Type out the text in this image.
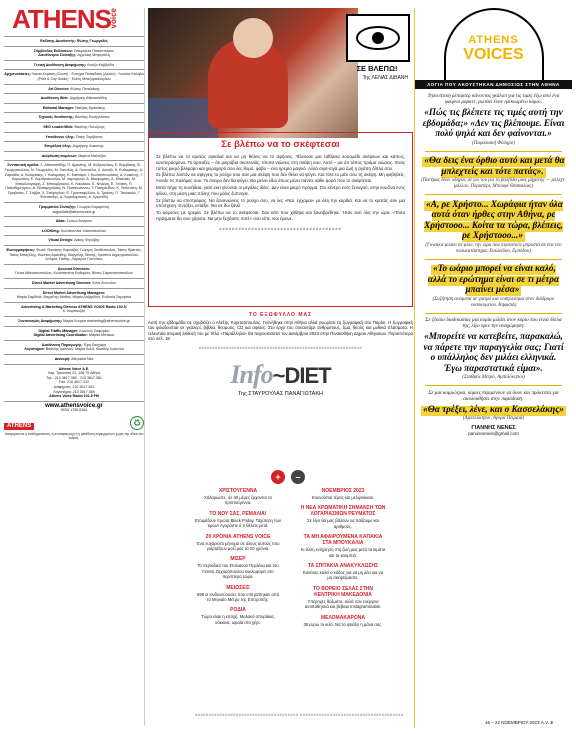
ATHENS
voice
Εκδότης-Διευθυντής: Φώτης Γεωργελές
Σύμβουλος Εκδόσεων: Σταυρούλα Παπασπύρου
Διευθύντρια Σύνταξης: Αγγελική Μπιρμπίλη
Γενική Διεύθυνση Διαφήμισης: Λουίζα Καββαδία
Αρχισυντάκτες: Λιανιά Κυρίτση (Cover) · Ευτυχία Παπαδάκη (Δελτίο) · Λουκάς Καλύβα (Print & City Guide) · Ελένη Μπεζαμπάλογλου
Art Director: Φώτης Πεπελάκης
Διεύθυνση Web: Δημήτρης Αθανασιάδης
Editorial Manager: Νικήτας Κριτσάκης
Τεχνικός διευθυντής: Βασίλης Ευαγγελάτος
SEO Leader/Web: Βασίλης Πολυζώης
Υπεύθυνος ύλης: Τάκης Σκρίβανος
Επιμέλεια ύλης: Δημήτρης Κοκκίνης
Διόρθωση κειμένων: Μαρίνα Μαλτέζου
Συντακτική ομάδα: Χ. Αθανασιάδης, Π. Αμανίτης, Μ. Ανδρουλάκη, Ε. Βαρβάκης, Β. Γεωργοπούλου, Ν. Γεωργελές, Μ. Γιαννέλη, Δ. Γκουντέλα, Χ. Δανιήλ, Κ. Ευθυμιάκης, Δ. Ζαρκάδα, Α. Καλαμάκης, Ι. Καλομοίρη, Κ. Κατσάρα, Ι. Κωνσταντουλάκη, Α. Κοκκίνης, Γ. Κορωνάκη, Ε. Λαμπροπούλου, Μ. Λαμπρινού, Α. Μαυρομάτη, Α. Μπαλτάς, Μ. Μπουλούγουρη, Ζ. Μπουρζούκου, Κ. Νικολάου, Ε. Ντιλέρη, Ε. Ξενάκη, Π. Παπαδημητρίου, Α. Παπαμιχαλάκη, Ν. Παπαϊωάννου, Τ. Πασχαλίδου, Κ. Πεπελάκη, Μ. Προβατάς, Τ. Σάββα, Χ. Σπύρογλου, Ε. Τριανταφύλλου, Α. Τριάντη, Π. Τσουκαλά, Γ. Φιλιππίδης, Δ. Χαραλάμπους, Α. Χρηστίδη
Γραμματεία Σύνταξης: Γεωργία Καραμπίνη
avgoulidis@athensvoice.gr
Atlas: Σώτων Αναγνου
LOOKimg: Κωνσταντίνα Χιλιανοπούλου
Visual Design: Δάκης Ψηλόβης
Φωτογραφήσεις: Φωτό: Θανάσης Καρατζάς, Γιώργος Σταθόπουλος, Τάσος Βρεττός, Τάσος Μπαζέλης, Κώστας Αμανίδης, Βαγγέλης Τάτσης, Χριστίνα Δημητροπούλου, Σπύρος Στάθης, Λάμπρος Γιαννάτος
Account Directors:
Γιώτα Αθανασοπούλου, Κωνσταντίνα Ευθυμίου, Βάσω Σαρανταποπούλου
Direct Market Advertising Director: Άννα Αντωνίου
Direct Market Advertising Managers:
Μαρία Σαρδελά, Βαγγέλης Μάθας, Μαρία Λαζαρίδου, Ευδοκία Σαμαρίνα
Advertising & Marketing Director ATHENS VOICE Radio 102.5:
Κ. Καρπουζάς
Συντονισμός Διαφήμισης: Μαρία Κουράτ marketing@athensvoice.gr
Digital Traffic Manager: Κων/νος Ζαφειρίου
Digital Advertising Coordinator: Μάρθα Μπάκου
Διεύθυνση Παραγωγής: Έφη Θεοχάρη
Λογιστήριο: Βασίλης Ιωάννου, Μαρία Κουλ, Βασίλης Ιωάννου
Διανομή: Αθηναϊκά Νέα
Athens Voice Α.Ε.
Χαρ. Τρικούπη 22, 106 79 Αθήνα
Τηλ.: 210 3617.360 - 210 3617.361
Fax: 210 3617.310
Διαφήμιση: 210 3617.361
Λογιστήριο: 210 3617.369
Athens Voice Radio 102.5 FM
www.athensvoice.gr
ISSN 1790-6164
ATHENS	♻
Απαγορεύεται η αναδημοσίευση, η αναπαραγωγή ή η μετάδοση περιεχομένου χωρίς την άδεια του εκδότη.
ΣΕ ΒΛΕΠΩ!
Της ΛΕΝΑΣ ΔΙΒΑΝΗ
Σε βλέπω να το σκέφτεσαι

Σε βλέπω να το κρατάς αγκαλιά και να μη θέλεις να το αφήσεις. Τέλειωσε μια ταΐθρεια λουομάδι σκέψεων και κάπως, ανυπεράσμενα. Το άρπαξες – ότι μικρόβια σκοτεινιάς, τίποτα νιώσεις στη σκέψη σου. Αυτό – μα ότι τάπος πράμα νιώσεις. Ένας τύπος μικρό βλέφαρο και χειροχειρό σου λες θυμό, φόβο – ένα ηρεμία μαγικό. Αλλά σιγά-σιγά μια ζωή η αγάπη δίπλα σου.

Σε βλέπω λοιπόν να σφίγγεις το ρούχο σου σαν μια σκέψη που δεν θέλει να φύγει. Και τότε το μάτι σου τη σκέψη. Μη φοβηθείς. Άνοιξε τις παλάμες σου. Το όνειρο δεν θα φύγει. Θα μείνει εδώ όπως μένει πάντα, κάθε φορά που το σκέφτεσαι.

Μετά πήρε τη συνήθεια, γιατί εκεί γίνονται οι μεγάλες ιδέες. Δεν είναι μικρό πράγμα. Στο κέντρο ενός ξεναγού, στην κουζίνα ενός φίλου, στη μέση μιας πόλης που μόλις ξύπνησε.

Σε βλέπω να επιστρέφεις. Να ξανανιώνεις το ρούχο σου, να λες «Ναι, έρχομαι» με όλη την καρδιά. Και να το κρατάς σαν μια υπόσχεση. Εντάξει, εντάξει. Θα σε δω ξανά.

Το φόρεσες με ηρεμία. Σε βλέπω να το σκέφτεσαι. Σαν κάτι που χάθηκε και ξαναβρέθηκε. Ήταν εκεί όλη την ώρα. «Τόσα πράγματα θα σου χάρισα. Να μην ξεχάσεις ποτέ» σου είπε. Και έμεινε.

######################################
ΤΟ ΕΞΩΦΥΛΛΟ ΜΑΣ
Αυτή την εβδομάδα σε σχεδιάζει ο Αλέξης Κυριτσόπουλος. Γεννήθηκε στην Αθήνα αλλά γνωρίσει τη ζωγραφική στο Παρίσι. Η ζωγραφική του φιλοξενείται σε γκαλερί, βιβλία, θεσμούς, CD και αφίσες. Στο έργο του συναντάμε ανθρώπους, ζώα, θεούς και μυθικά πλάσματα. Η τελευταία ατομική έκθεσή του με τίτλο «Παράλληλα» θα παρουσιαστεί τον Δεκέμβριο 2023 στην Πινακοθήκη Δήμου Αθηναίων. Περισσότερα στο σελ. 18
############################################################
Info~DIET
Της ΣΤΑΥΡΟΥΛΑΣ ΠΑΝΑΓΙΩΤΑΚΗ
+	–
ΧΡΙΣΤΟΥΓΕΝΝΑ

Χαλαρώστε, σε 40 μέρες έρχονται τα Χριστούγεννα.

ΤΟ ΝΟΥ ΣΑΣ, ΡΕΜΑΛΙΑ!

Ετοιμάζουν πρώτα Black Friday. Ταχύτερη των τιμών! Αγοράστε ό,τι θέλετε μετά.

20 ΧΡΟΝΙΑ ATHENS VOICE

Ένα ευχάριστο μήνυμα σε όλους αυτούς που γιορτάζουν μαζί μας τα 20 χρόνια.

ΜΙΣΕΡ

Το περιοδικό του Στυλιανού Περλέκα και του Γιάννη Ζαχαρόπουλου κυκλοφορεί στο περίπτερο τώρα.

ΜΕΙΩΣΕΙΣ

598 οι κινδυνεύουσες που επιτράπηκαν από το Μηνιαίο Μέτρο της Επιτροπής.

ΡΟΔΙΑ

Τώρα είναι η εποχή. Μαλακό σποράκια, κόκκινα, ωραία στο χέρι.

ΝΟΕΜΒΡΙΟΣ 2023

Κουνούπια τέρας και μελιγκόκαιο.

Η ΝΕΑ ΧΡΩΜΑΤΙΚΗ ΣΗΜΑΝΣΗ ΤΩΝ ΛΟΓΑΡΙΑΣΜΩΝ ΡΕΥΜΑΤΟΣ

Σε λίγο θα μας βάλουν να παίζουμε και αριθμούς.

ΤΑ ΜΗ ΑΦΑΙΡΟΥΜΕΝΑ ΚΑΠΑΚΙΑ ΣΤΑ ΜΠΟΥΚΑΛΙΑ

Κι άλλη ενόχληση στη ζωή μας μετά τα κιμάτα και τα κουμπιά.

ΤΑ ΣΠΙΤΑΚΙΑ ΑΝΑΚΥΚΛΩΣΗΣ

Κανένας καλεί ο κάδος για να μη λέει και να μη σκεφτόμαστε.

ΤΟ ΒΟΡΕΙΟ ΣΕΛΑΣ ΣΤΗΝ ΚΕΝΤΡΙΚΗ ΜΑΚΕΔΟΝΙΑ

Υπέροχες θεάματα, αλλά σαν ενέργεια αντιπαθητικά και βέβαια Instagrammable.

ΜΕΛΟΜΑΚΑΡΟΝΑ

38 ευρώ το κιλό. Να τα φτιάξει η μάνα σας.

###################################### ######################################
ATHENS
VOICES
ΛΟΓΙΑ ΠΟΥ ΑΚΟΥΣΤΗΚΑΝ ΔΗΜΟΣΙΩΣ ΣΤΗΝ ΑΘΗΝΑ
Τηλεοπτική ρεπόρτερ κάνοντας γκάλοπ για τις τιμές έξω από ένα φούρνο μαρκετ, ρωτάει έναν ηλικιωμένο κύριο:
«Πώς τις βλέπετε τις τιμές αυτή την εβδομάδα;» «Δεν τις βλέπουμε. Είναι πολύ ψηλά και δεν φαίνονται.»
(Παραλιακή Φάληρο)
«Θα δεις ένα όρθιο αυτό και μετά θα μπλεχτείς και τότε πατάς».
(Πατέρας δίνει οδηγίες σε γιο του για τη βαλβίδα μιας μηχανής — μπλεχτ. μάλλον. Περιστέρι, Μπουφέ Θεσσαλίας)
«Α, ρε Χρήστο... Χωράφια ήταν όλα αυτά όταν ήρθες στην Αθήνα, ρε Χρήστοοο... Κοίτα τα τώρα, βλέπεις, ρε Χρήστοοο...»
(Γυναίκα μιλάει σε φίλο, την ώρα που περπατούν μπροστά σε ένα νέο πολυκατάστημα. Ευκλείδου, Εμπέδου)
«Το ωάριο μπορεί να είναι καλό, αλλά το ερώτημα είναι σε τι μέτρα μπαίνει μέσα»
(Συζήτηση ανάμεσα σε γιατρό και νοσηλεύτρια στον διάδρομο νοσοκομείου. Κηφισιά)
Σε ζέαλιο διαδικασίας μια κυρία μιλάει στον κύριο που είναι δίπλα της, λίγο πριν την αναχώρηση:
«Μπορείτε να κατεβείτε, παρακαλώ, να πάρετε την παραγγελία σας; Γιατί ο υπάλληλος δεν μιλάει ελληνικά. Έγω παραστατικά είμαι».
(Σταθμός Μετρό, Αμπελόκηποι)
Σε μια κομμώτρια, κύριες περιμένουν να δουν και πρόκειται για ακολουθήσει στην παράδοση:
«Θα τρέξει, λένε, και ο Κασσελάκης»
(Αμπελόκηποι, Αγορά Πειραιά)
ΓΙΑΝΝΗΣ ΝΕΝΕΣ
panosneneis@gmail.com
16 – 22 ΝΟΕΜΒΡΙΟΥ 2023 A.V. 3
